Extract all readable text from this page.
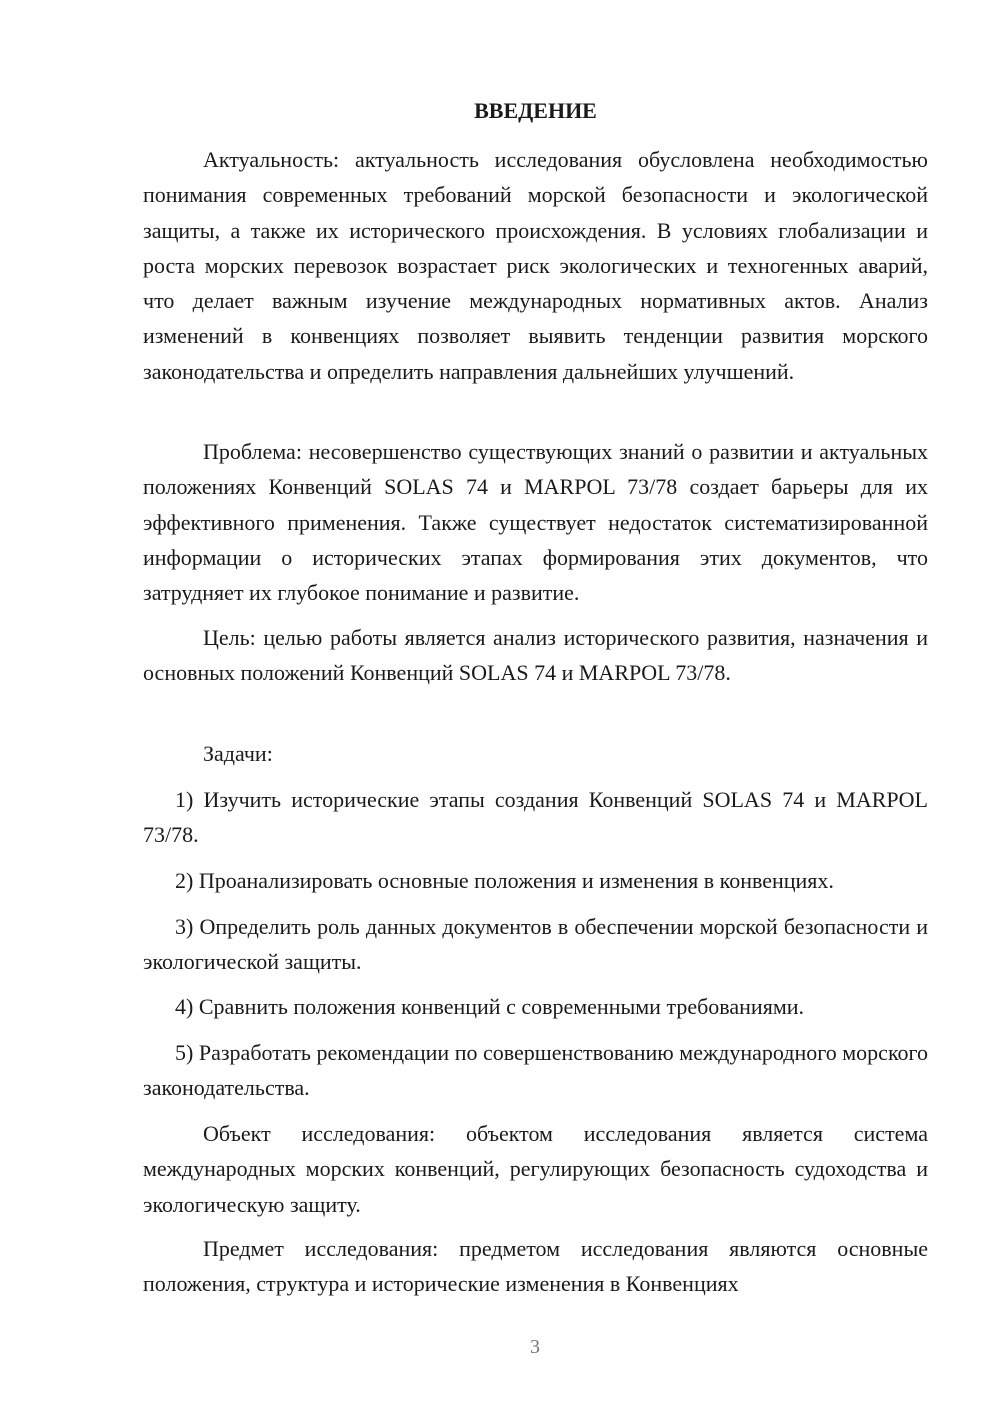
ВВЕДЕНИЕ

Актуальность: актуальность исследования обусловлена необходимостью понимания современных требований морской безопасности и экологической защиты, а также их исторического происхождения. В условиях глобализации и роста морских перевозок возрастает риск экологических и техногенных аварий, что делает важным изучение международных нормативных актов. Анализ изменений в конвенциях позволяет выявить тенденции развития морского законодательства и определить направления дальнейших улучшений.

Проблема: несовершенство существующих знаний о развитии и актуальных положениях Конвенций SOLAS 74 и MARPOL 73/78 создает барьеры для их эффективного применения. Также существует недостаток систематизированной информации о исторических этапах формирования этих документов, что затрудняет их глубокое понимание и развитие.

Цель: целью работы является анализ исторического развития, назначения и основных положений Конвенций SOLAS 74 и MARPOL 73/78.

Задачи:

1) Изучить исторические этапы создания Конвенций SOLAS 74 и MARPOL 73/78.

2) Проанализировать основные положения и изменения в конвенциях.

3) Определить роль данных документов в обеспечении морской безопасности и экологической защиты.

4) Сравнить положения конвенций с современными требованиями.

5) Разработать рекомендации по совершенствованию международного морского законодательства.

Объект исследования: объектом исследования является система международных морских конвенций, регулирующих безопасность судоходства и экологическую защиту.

Предмет исследования: предметом исследования являются основные положения, структура и исторические изменения в Конвенциях

3
